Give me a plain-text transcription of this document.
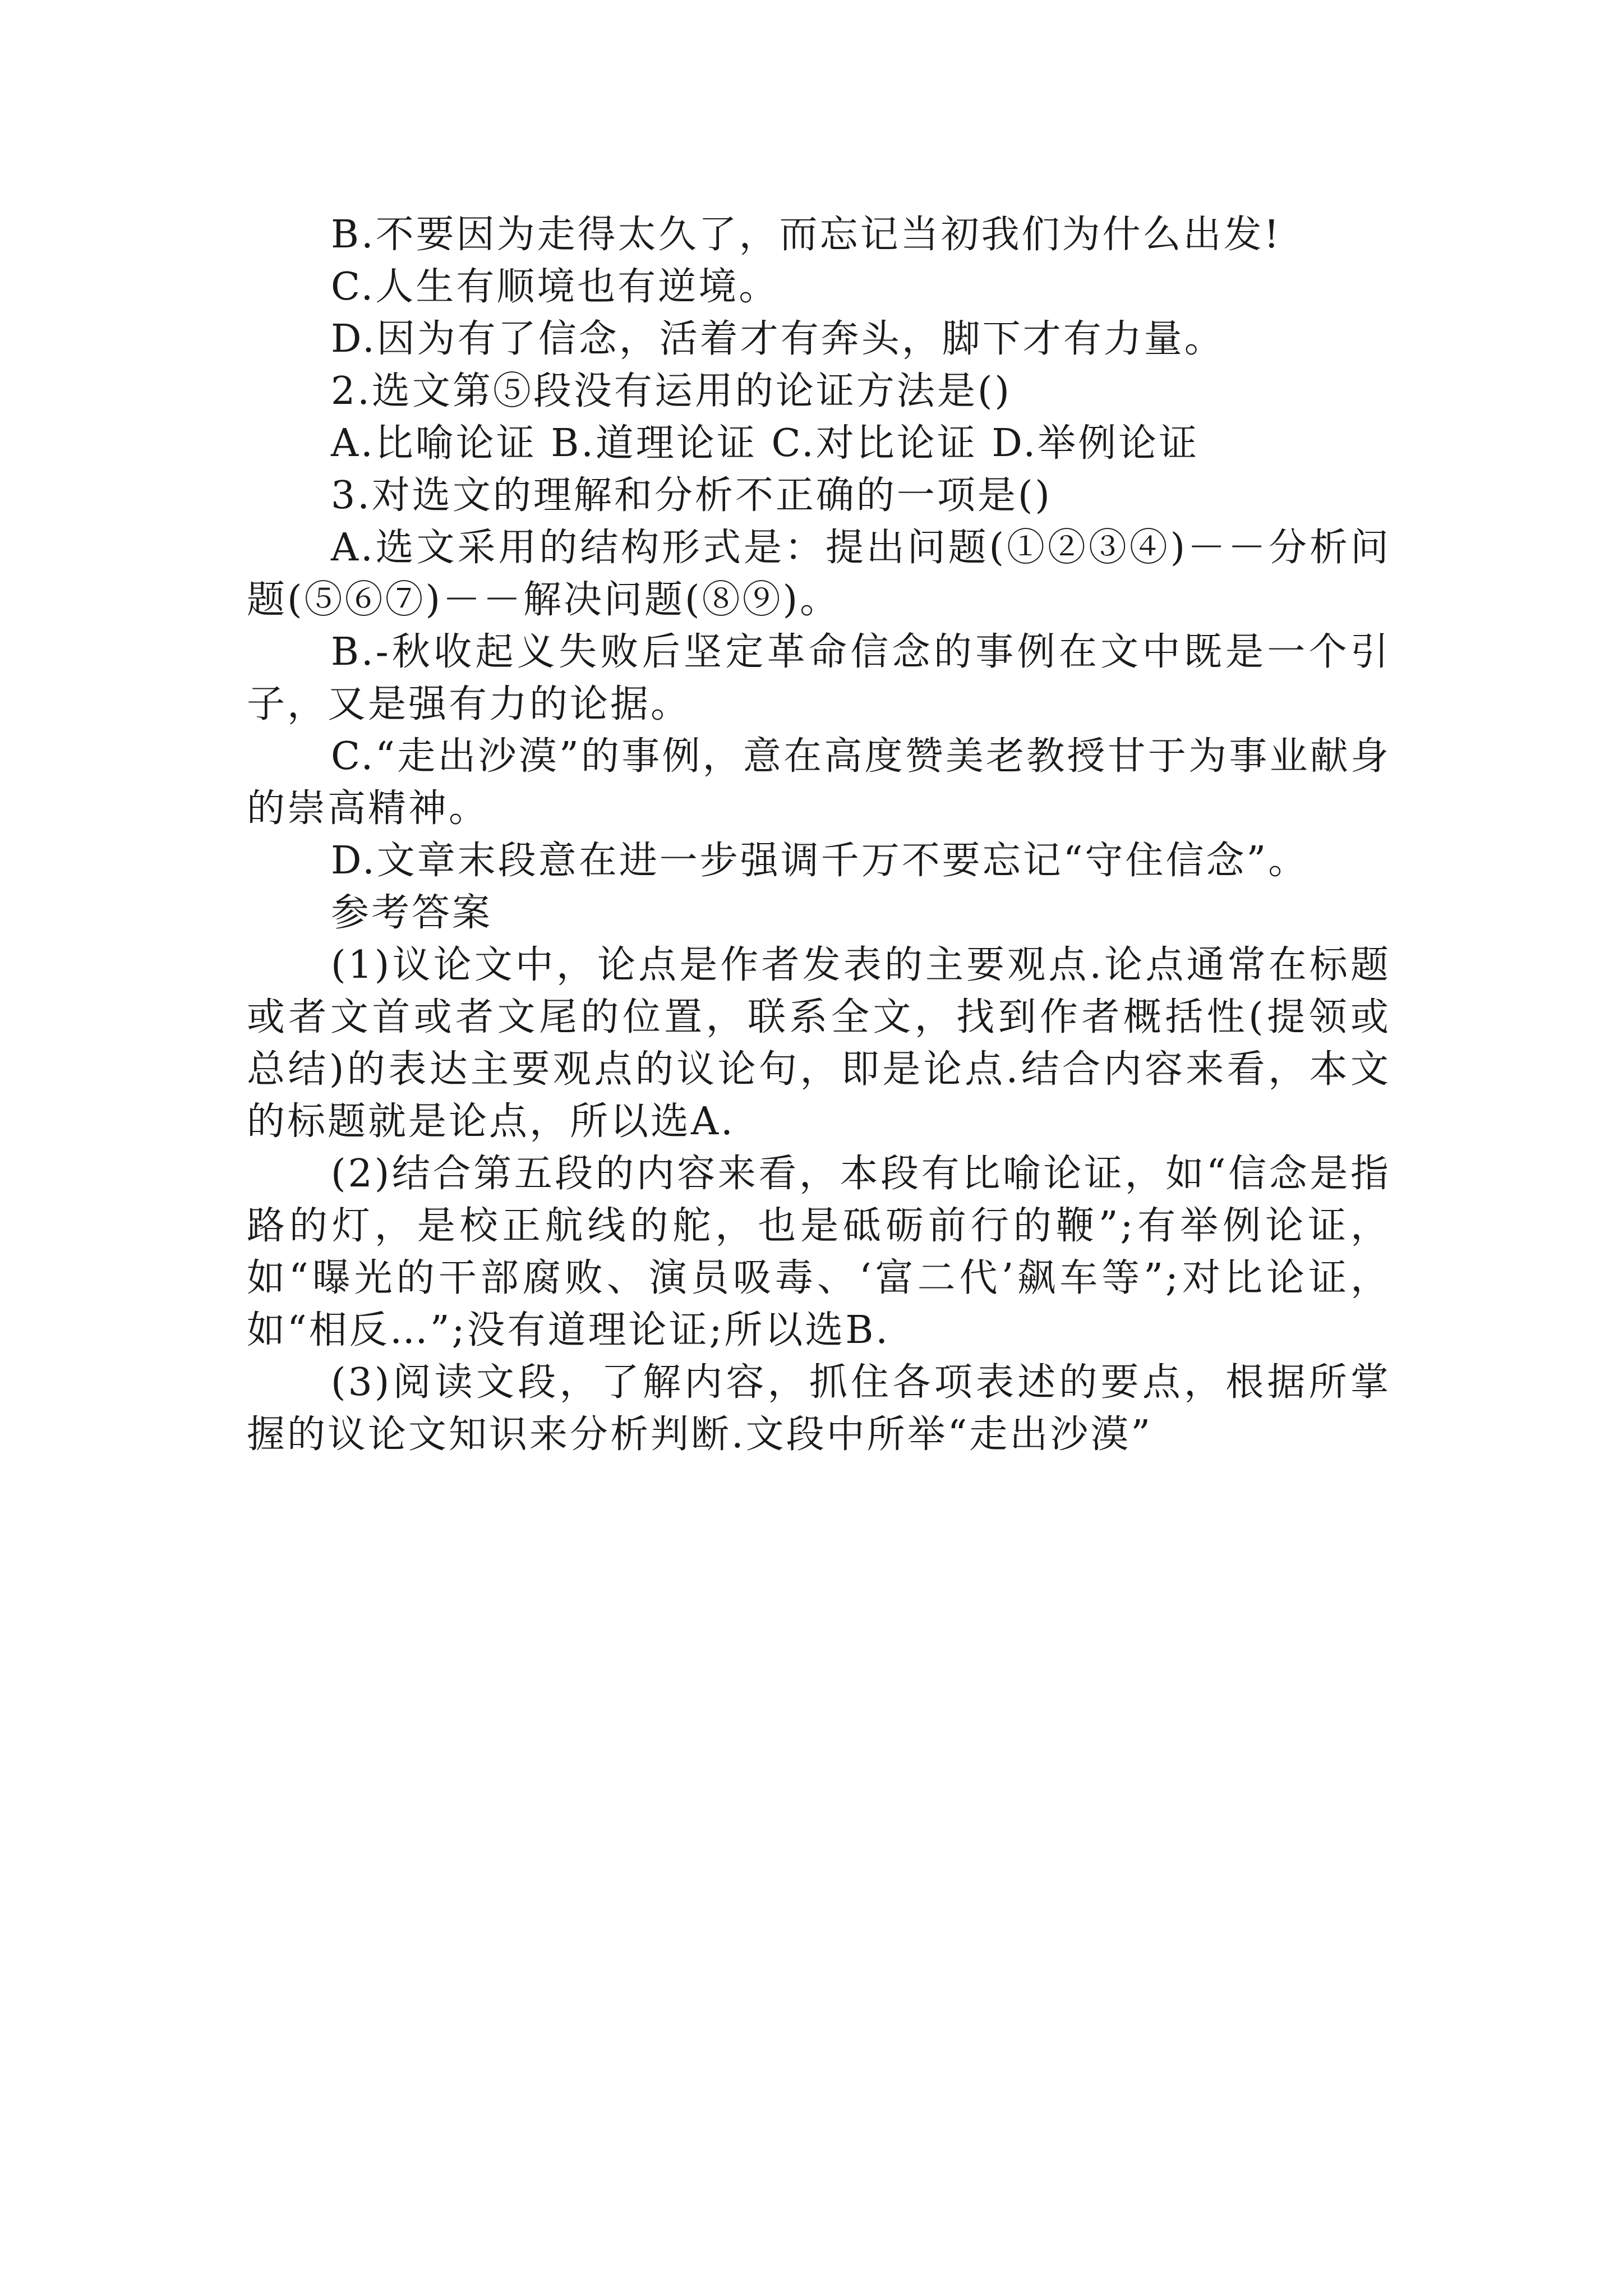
B.不要因为走得太久了，而忘记当初我们为什么出发!

C.人生有顺境也有逆境。

D.因为有了信念，活着才有奔头，脚下才有力量。

2.选文第⑤段没有运用的论证方法是()

A.比喻论证 B.道理论证 C.对比论证 D.举例论证

3.对选文的理解和分析不正确的一项是()

A.选文采用的结构形式是：提出问题(①②③④)－－分析问题(⑤⑥⑦)－－解决问题(⑧⑨)。

B.-秋收起义失败后坚定革命信念的事例在文中既是一个引子，又是强有力的论据。

C.“走出沙漠”的事例，意在高度赞美老教授甘于为事业献身的崇高精神。

D.文章末段意在进一步强调千万不要忘记“守住信念”。

参考答案

(1)议论文中，论点是作者发表的主要观点.论点通常在标题或者文首或者文尾的位置，联系全文，找到作者概括性(提领或总结)的表达主要观点的议论句，即是论点.结合内容来看，本文的标题就是论点，所以选A.

(2)结合第五段的内容来看，本段有比喻论证，如“信念是指路的灯，是校正航线的舵，也是砥砺前行的鞭”;有举例论证，如“曝光的干部腐败、演员吸毒、‘富二代’飙车等”;对比论证，如“相反…”;没有道理论证;所以选B.

(3)阅读文段，了解内容，抓住各项表述的要点，根据所掌握的议论文知识来分析判断.文段中所举“走出沙漠”
